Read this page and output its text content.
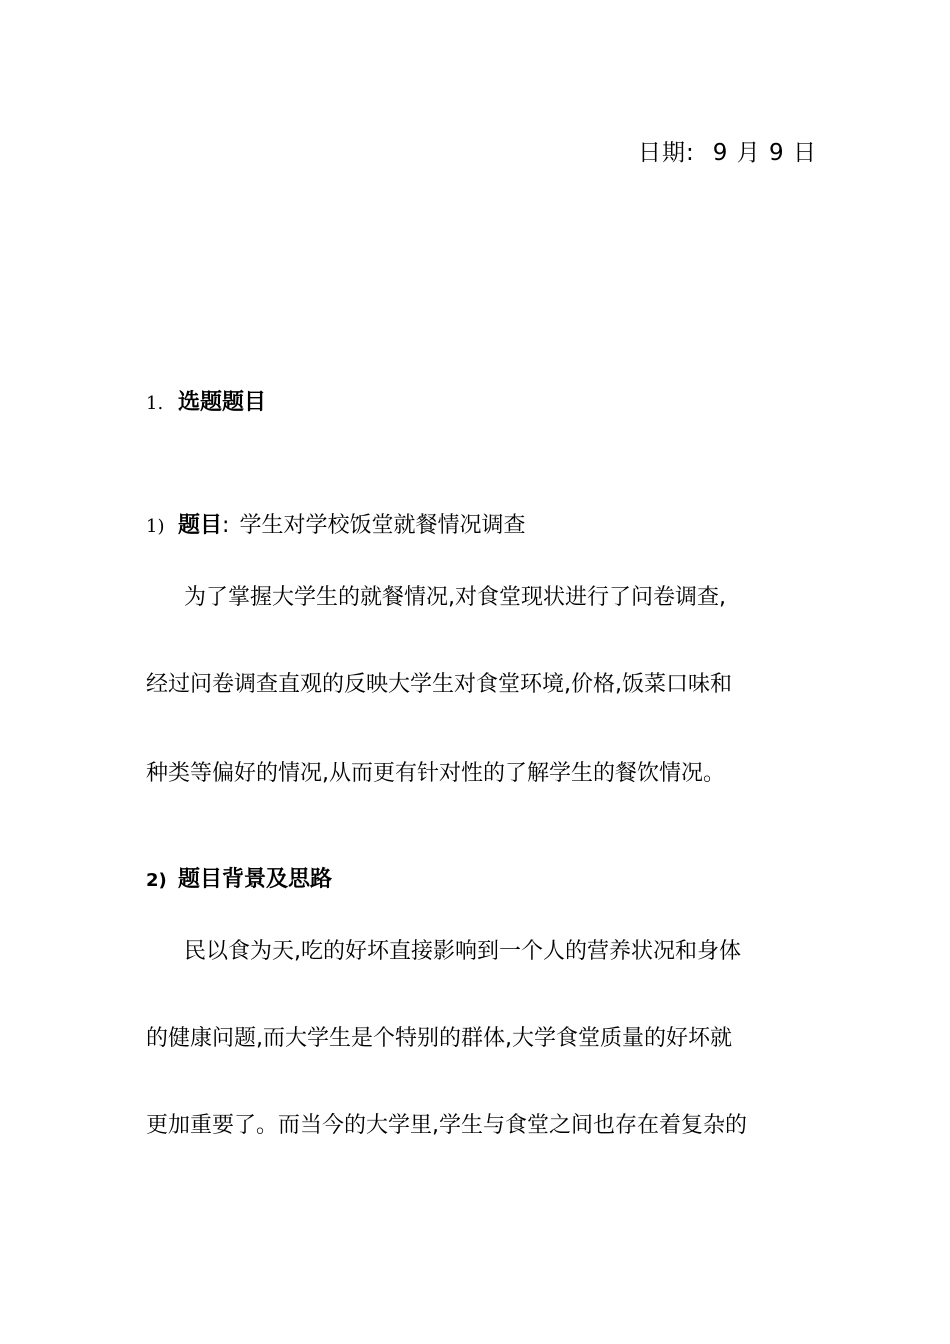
日期: 9 月 9 日
1. 选题题目
1) 题目: 学生对学校饭堂就餐情况调查
为了掌握大学生的就餐情况,对食堂现状进行了问卷调查,
经过问卷调查直观的反映大学生对食堂环境,价格,饭菜口味和
种类等偏好的情况,从而更有针对性的了解学生的餐饮情况。
2) 题目背景及思路
民以食为天,吃的好坏直接影响到一个人的营养状况和身体
的健康问题,而大学生是个特别的群体,大学食堂质量的好坏就
更加重要了。而当今的大学里,学生与食堂之间也存在着复杂的
